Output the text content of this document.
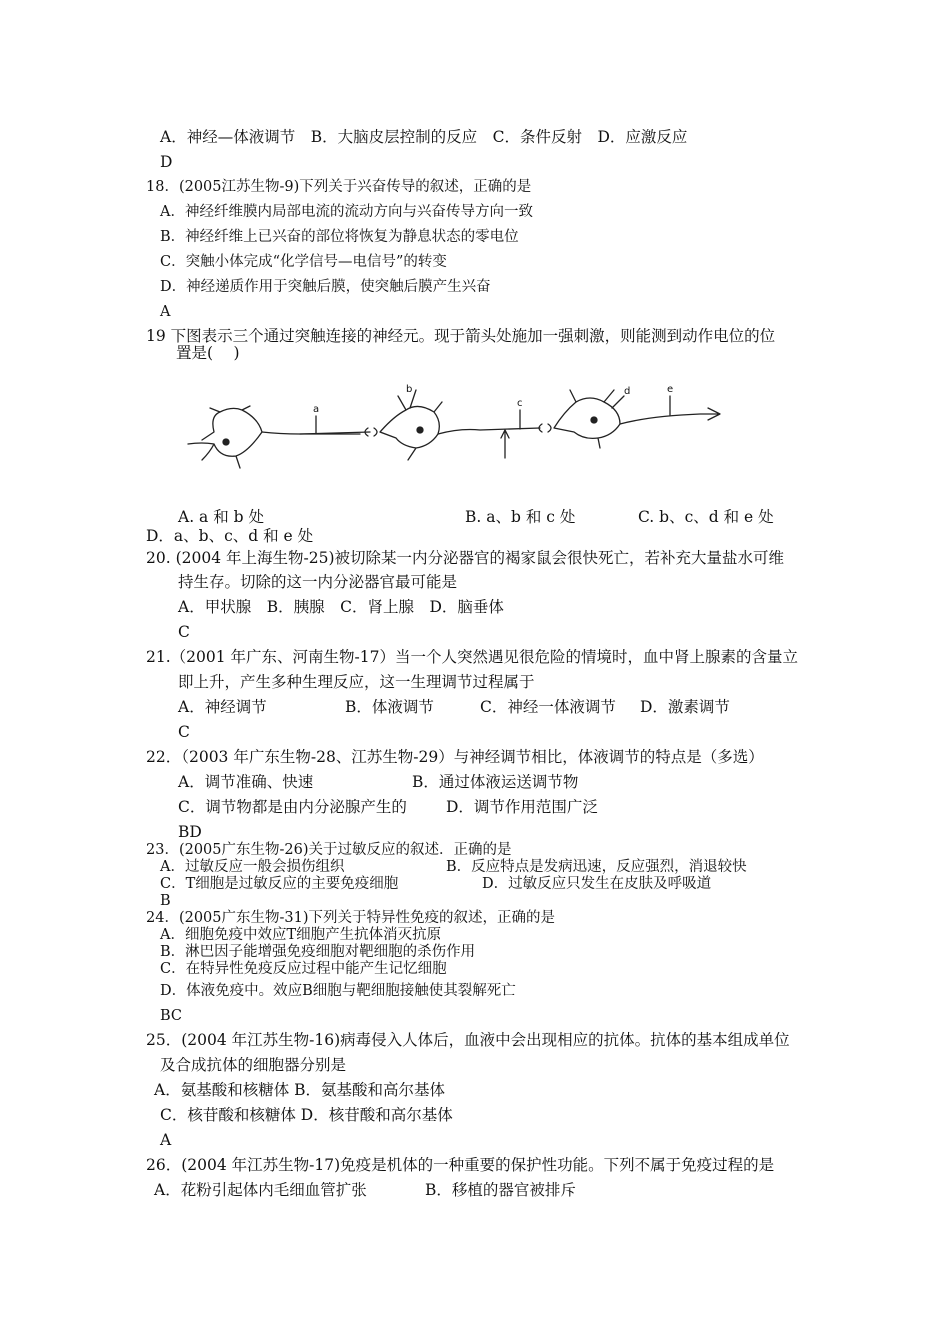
A．神经—体液调节　B．大脑皮层控制的反应　C．条件反射　D．应激反应
D
18．(2005江苏生物-9)下列关于兴奋传导的叙述，正确的是
A．神经纤维膜内局部电流的流动方向与兴奋传导方向一致
B．神经纤维上已兴奋的部位将恢复为静息状态的零电位
C．突触小体完成“化学信号—电信号”的转变
D．神经递质作用于突触后膜，使突触后膜产生兴奋
A
19 下图表示三个通过突触连接的神经元。现于箭头处施加一强刺激，则能测到动作电位的位
置是(　 )
a
b
c
d	e
A. a 和 b 处	B. a、b 和 c 处	C. b、c、d 和 e 处
D．a、b、c、d 和 e 处
20. (2004 年上海生物-25)被切除某一内分泌器官的褐家鼠会很快死亡，若补充大量盐水可维
持生存。切除的这一内分泌器官最可能是
A．甲状腺　B．胰腺　C．肾上腺　D．脑垂体
C
21.（2001 年广东、河南生物-17）当一个人突然遇见很危险的情境时，血中肾上腺素的含量立
即上升，产生多种生理反应，这一生理调节过程属于
A．神经调节	B．体液调节	C．神经一体液调节 D．激素调节
C
22．（2003 年广东生物-28、江苏生物-29）与神经调节相比，体液调节的特点是（多选）
A．调节准确、快速	B．通过体液运送调节物
C．调节物都是由内分泌腺产生的	D．调节作用范围广泛
BD
23．(2005广东生物-26)关于过敏反应的叙述．正确的是
A．过敏反应一般会损伤组织	B．反应特点是发病迅速，反应强烈，消退较快
C．T细胞是过敏反应的主要免疫细胞	D．过敏反应只发生在皮肤及呼吸道
B
24．(2005广东生物-31)下列关于特异性免疫的叙述，正确的是
A．细胞免疫中效应T细胞产生抗体消灭抗原
B．淋巴因子能增强免疫细胞对靶细胞的杀伤作用
C．在特异性免疫反应过程中能产生记忆细胞
D．体液免疫中。效应B细胞与靶细胞接触使其裂解死亡
BC
25．(2004 年江苏生物-16)病毒侵入人体后，血液中会出现相应的抗体。抗体的基本组成单位
及合成抗体的细胞器分别是
A．氨基酸和核糖体 B．氨基酸和高尔基体
C．核苷酸和核糖体 D．核苷酸和高尔基体
A
26．(2004 年江苏生物-17)免疫是机体的一种重要的保护性功能。下列不属于免疫过程的是
A．花粉引起体内毛细血管扩张	B．移植的器官被排斥
